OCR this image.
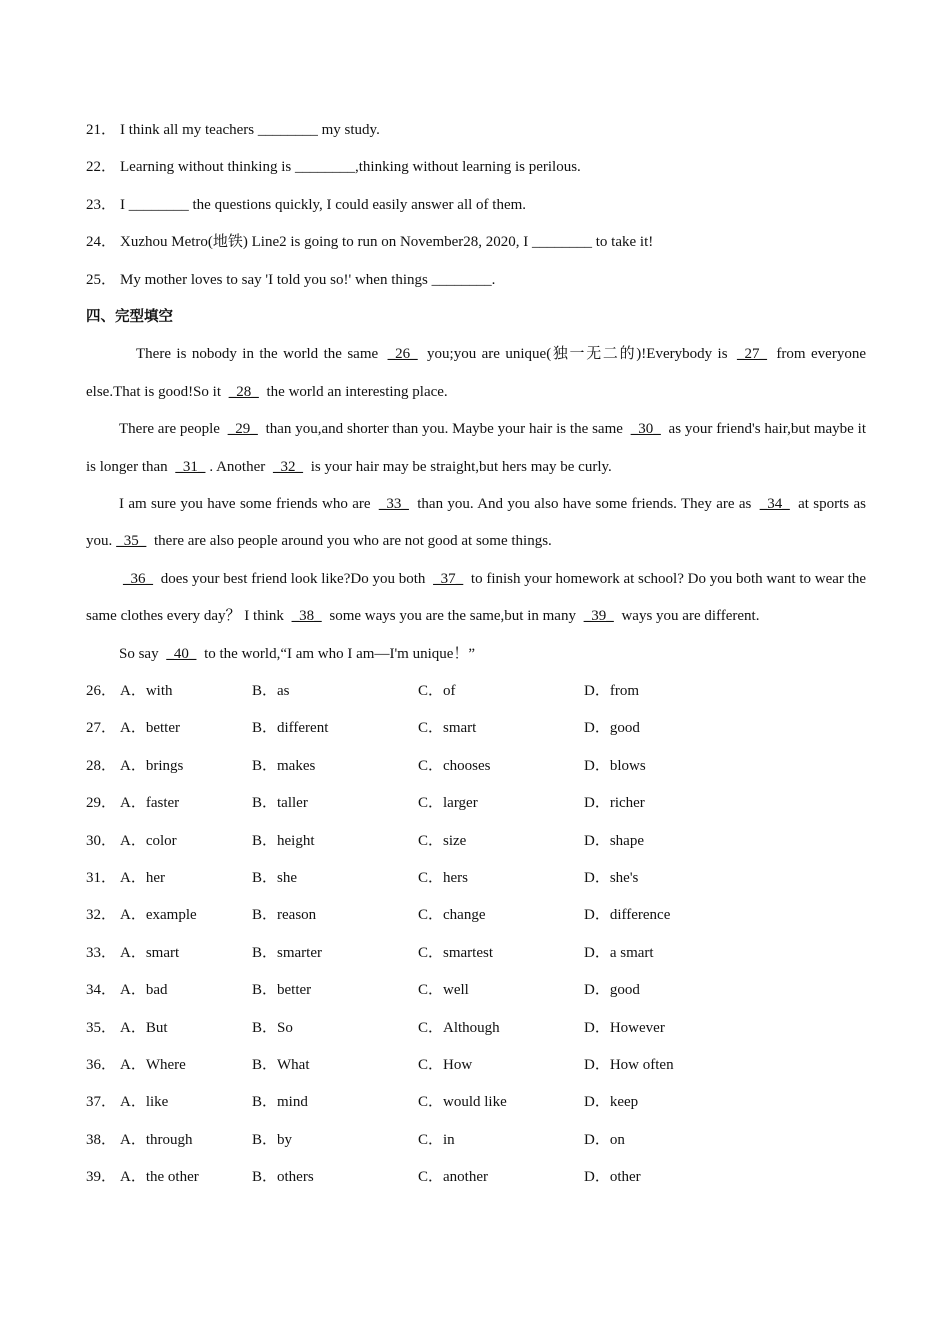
21． I think all my teachers ________ my study.
22． Learning without thinking is ________,thinking without learning is perilous.
23． I ________ the questions quickly, I could easily answer all of them.
24． Xuzhou Metro(地铁) Line2 is going to run on November28, 2020, I ________ to take it!
25． My mother loves to say 'I told you so!' when things ________.
四、完型填空
There is nobody in the world the same _26_ you;you are unique(独一无二的)!Everybody is _27_ from everyone else.That is good!So it _28_ the world an interesting place.
There are people _29_ than you,and shorter than you. Maybe your hair is the same _30_ as your friend's hair,but maybe it is longer than _31_ . Another _32_ is your hair may be straight,but hers may be curly.
I am sure you have some friends who are _33_ than you. And you also have some friends. They are as _34_ at sports as you. _35_ there are also people around you who are not good at some things.
_36_ does your best friend look like?Do you both _37_ to finish your homework at school? Do you both want to wear the same clothes every day？ I think _38_ some ways you are the same,but in many _39_ ways you are different.
So say _40_ to the world,“I am who I am—I'm unique！”
26． A．with	B．as	C．of	D．from
27． A．better	B．different	C．smart	D．good
28． A．brings	B．makes	C．chooses	D．blows
29． A．faster	B．taller	C．larger	D．richer
30． A．color	B．height	C．size	D．shape
31． A．her	B．she	C．hers	D．she's
32． A．example	B．reason	C．change	D．difference
33． A．smart	B．smarter	C．smartest	D．a smart
34． A．bad	B．better	C．well	D．good
35． A．But	B．So	C．Although	D．However
36． A．Where	B．What	C．How	D．How often
37． A．like	B．mind	C．would like	D．keep
38． A．through	B．by	C．in	D．on
39． A．the other	B．others	C．another	D．other
